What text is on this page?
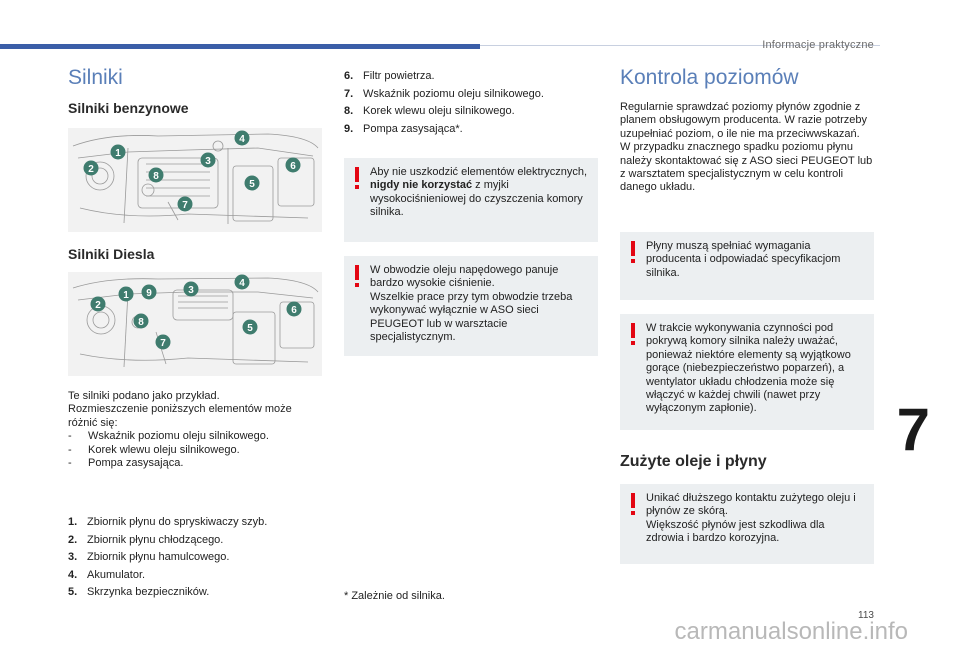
Informacje praktyczne
Silniki
Silniki benzynowe
1
2
3
4
5
6
7
8
Silniki Diesla
1
2
3
4
5
6
7
8
9
Te silniki podano jako przykład.
Rozmieszczenie poniższych elementów może
różnić się:
-	Wskaźnik poziomu oleju silnikowego.
-	Korek wlewu oleju silnikowego.
-	Pompa zasysająca.
1. Zbiornik płynu do spryskiwaczy szyb.
2. Zbiornik płynu chłodzącego.
3. Zbiornik płynu hamulcowego.
4. Akumulator.
5. Skrzynka bezpieczników.
6. Filtr powietrza.
7. Wskaźnik poziomu oleju silnikowego.
8. Korek wlewu oleju silnikowego.
9. Pompa zasysająca*.
Aby nie uszkodzić elementów elektrycznych, nigdy nie korzystać z myjki wysokociśnieniowej do czyszczenia komory silnika.
W obwodzie oleju napędowego panuje bardzo wysokie ciśnienie.
Wszelkie prace przy tym obwodzie trzeba wykonywać wyłącznie w ASO sieci PEUGEOT lub w warsztacie specjalistycznym.
* Zależnie od silnika.
Kontrola poziomów
Regularnie sprawdzać poziomy płynów zgodnie z planem obsługowym producenta. W razie potrzeby uzupełniać poziom, o ile nie ma przeciwwskazań.
W przypadku znacznego spadku poziomu płynu należy skontaktować się z ASO sieci PEUGEOT lub z warsztatem specjalistycznym w celu kontroli danego układu.
Płyny muszą spełniać wymagania producenta i odpowiadać specyfikacjom silnika.
W trakcie wykonywania czynności pod pokrywą komory silnika należy uważać, ponieważ niektóre elementy są wyjątkowo gorące (niebezpieczeństwo poparzeń), a wentylator układu chłodzenia może się włączyć w każdej chwili (nawet przy wyłączonym zapłonie).
Zużyte oleje i płyny
Unikać dłuższego kontaktu zużytego oleju i płynów ze skórą.
Większość płynów jest szkodliwa dla zdrowia i bardzo korozyjna.
7
113
carmanualsonline.info
